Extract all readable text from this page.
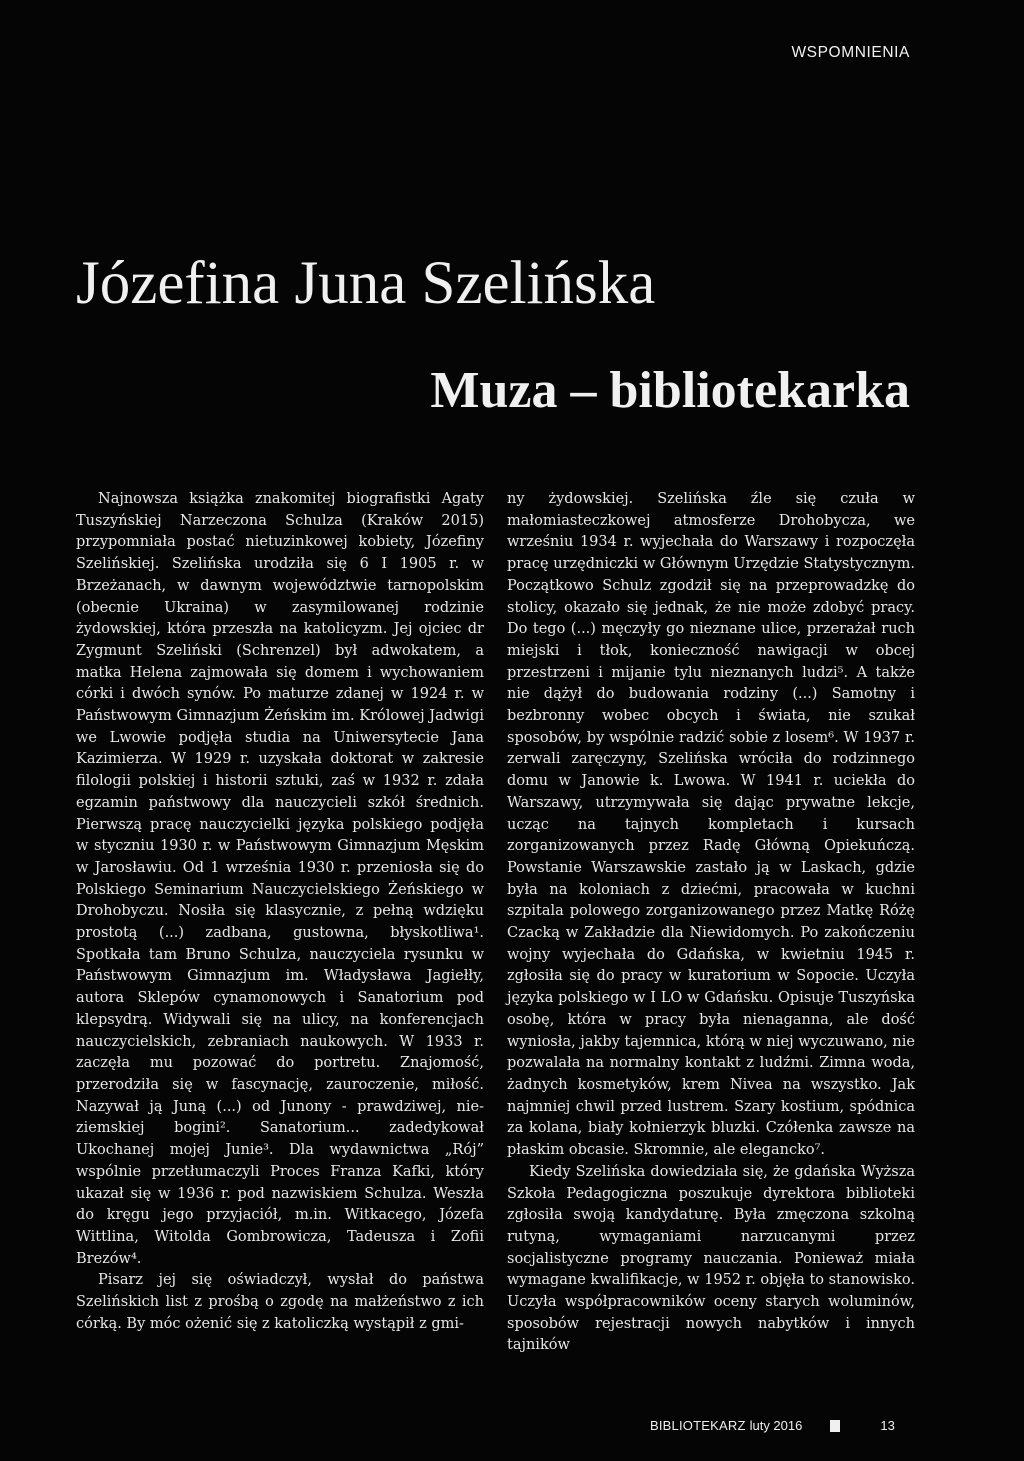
WSPOMNIENIA
Józefina Juna Szelińska
Muza – bibliotekarka

Najnowsza książka znakomitej biografistki Agaty Tuszyńskiej Narzeczona Schulza (Kraków 2015) przypomniała postać nietuzinkowej kobiety, Józefiny Szelińskiej. Szelińska urodziła się 6 I 1905 r. w Brzeżanach, w dawnym województwie tarnopolskim (obecnie Ukraina) w zasymilowanej rodzinie żydowskiej, która przeszła na katolicyzm. Jej ojciec dr Zygmunt Szeliński (Schrenzel) był adwokatem, a matka Helena zajmowała się domem i wychowaniem córki i dwóch synów. Po maturze zdanej w 1924 r. w Państwowym Gimnazjum Żeńskim im. Królowej Jadwigi we Lwowie podjęła studia na Uniwersytecie Jana Kazimierza. W 1929 r. uzyskała doktorat w zakresie filologii polskiej i historii sztuki, zaś w 1932 r. zdała egzamin państwowy dla nauczycieli szkół średnich. Pierwszą pracę nauczycielki języka polskiego podjęła w styczniu 1930 r. w Państwowym Gimnazjum Męskim w Jarosławiu. Od 1 września 1930 r. przeniosła się do Polskiego Seminarium Nauczycielskiego Żeńskiego w Drohobyczu. Nosiła się klasycznie, z pełną wdzięku prostotą (...) zadbana, gustowna, błyskotliwa¹. Spotkała tam Bruno Schulza, nauczyciela rysunku w Państwowym Gimnazjum im. Władysława Jagiełły, autora Sklepów cynamonowych i Sanatorium pod klepsydrą. Widywali się na ulicy, na konferencjach nauczycielskich, zebraniach naukowych. W 1933 r. zaczęła mu pozować do portretu. Znajomość, przerodziła się w fascynację, zauroczenie, miłość. Nazywał ją Juną (...) od Junony - prawdziwej, nie-ziemskiej bogini². Sanatorium... zadedykował Ukochanej mojej Junie³. Dla wydawnictwa „Rój” wspólnie przetłumaczyli Proces Franza Kafki, który ukazał się w 1936 r. pod nazwiskiem Schulza. Weszła do kręgu jego przyjaciół, m.in. Witkacego, Józefa Wittlina, Witolda Gombrowicza, Tadeusza i Zofii Brezów⁴.

Pisarz jej się oświadczył, wysłał do państwa Szelińskich list z prośbą o zgodę na małżeństwo z ich córką. By móc ożenić się z katoliczką wystąpił z gmi-

ny żydowskiej. Szelińska źle się czuła w małomiasteczkowej atmosferze Drohobycza, we wrześniu 1934 r. wyjechała do Warszawy i rozpoczęła pracę urzędniczki w Głównym Urzędzie Statystycznym. Początkowo Schulz zgodził się na przeprowadzkę do stolicy, okazało się jednak, że nie może zdobyć pracy. Do tego (...) męczyły go nieznane ulice, przerażał ruch miejski i tłok, konieczność nawigacji w obcej przestrzeni i mijanie tylu nieznanych ludzi⁵. A także nie dążył do budowania rodziny (...) Samotny i bezbronny wobec obcych i świata, nie szukał sposobów, by wspólnie radzić sobie z losem⁶. W 1937 r. zerwali zaręczyny, Szelińska wróciła do rodzinnego domu w Janowie k. Lwowa. W 1941 r. uciekła do Warszawy, utrzymywała się dając prywatne lekcje, ucząc na tajnych kompletach i kursach zorganizowanych przez Radę Główną Opiekuńczą. Powstanie Warszawskie zastało ją w Laskach, gdzie była na koloniach z dziećmi, pracowała w kuchni szpitala polowego zorganizowanego przez Matkę Różę Czacką w Zakładzie dla Niewidomych. Po zakończeniu wojny wyjechała do Gdańska, w kwietniu 1945 r. zgłosiła się do pracy w kuratorium w Sopocie. Uczyła języka polskiego w I LO w Gdańsku. Opisuje Tuszyńska osobę, która w pracy była nienaganna, ale dość wyniosła, jakby tajemnica, którą w niej wyczuwano, nie pozwalała na normalny kontakt z ludźmi. Zimna woda, żadnych kosmetyków, krem Nivea na wszystko. Jak najmniej chwil przed lustrem. Szary kostium, spódnica za kolana, biały kołnierzyk bluzki. Czółenka zawsze na płaskim obcasie. Skromnie, ale elegancko⁷.

Kiedy Szelińska dowiedziała się, że gdańska Wyższa Szkoła Pedagogiczna poszukuje dyrektora biblioteki zgłosiła swoją kandydaturę. Była zmęczona szkolną rutyną, wymaganiami narzucanymi przez socjalistyczne programy nauczania. Ponieważ miała wymagane kwalifikacje, w 1952 r. objęła to stanowisko. Uczyła współpracowników oceny starych woluminów, sposobów rejestracji nowych nabytków i innych tajników

BIBLIOTEKARZ luty 2016	13
